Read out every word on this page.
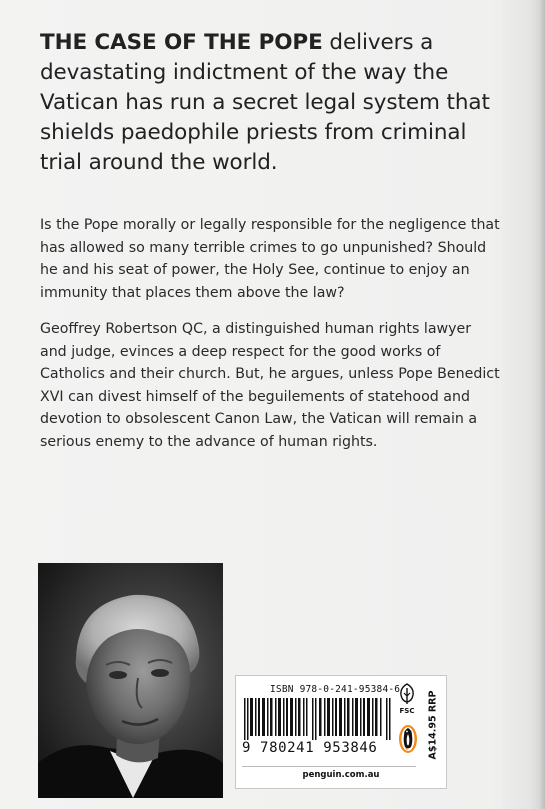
THE CASE OF THE POPE delivers a devastating indictment of the way the Vatican has run a secret legal system that shields paedophile priests from criminal trial around the world.
Is the Pope morally or legally responsible for the negligence that has allowed so many terrible crimes to go unpunished? Should he and his seat of power, the Holy See, continue to enjoy an immunity that places them above the law?
Geoffrey Robertson QC, a distinguished human rights lawyer and judge, evinces a deep respect for the good works of Catholics and their church. But, he argues, unless Pope Benedict XVI can divest himself of the beguilements of statehood and devotion to obsolescent Canon Law, the Vatican will remain a serious enemy to the advance of human rights.
ISBN 978-0-241-95384-6
9 780241 953846
FSC A$14.95 RRP
penguin.com.au
